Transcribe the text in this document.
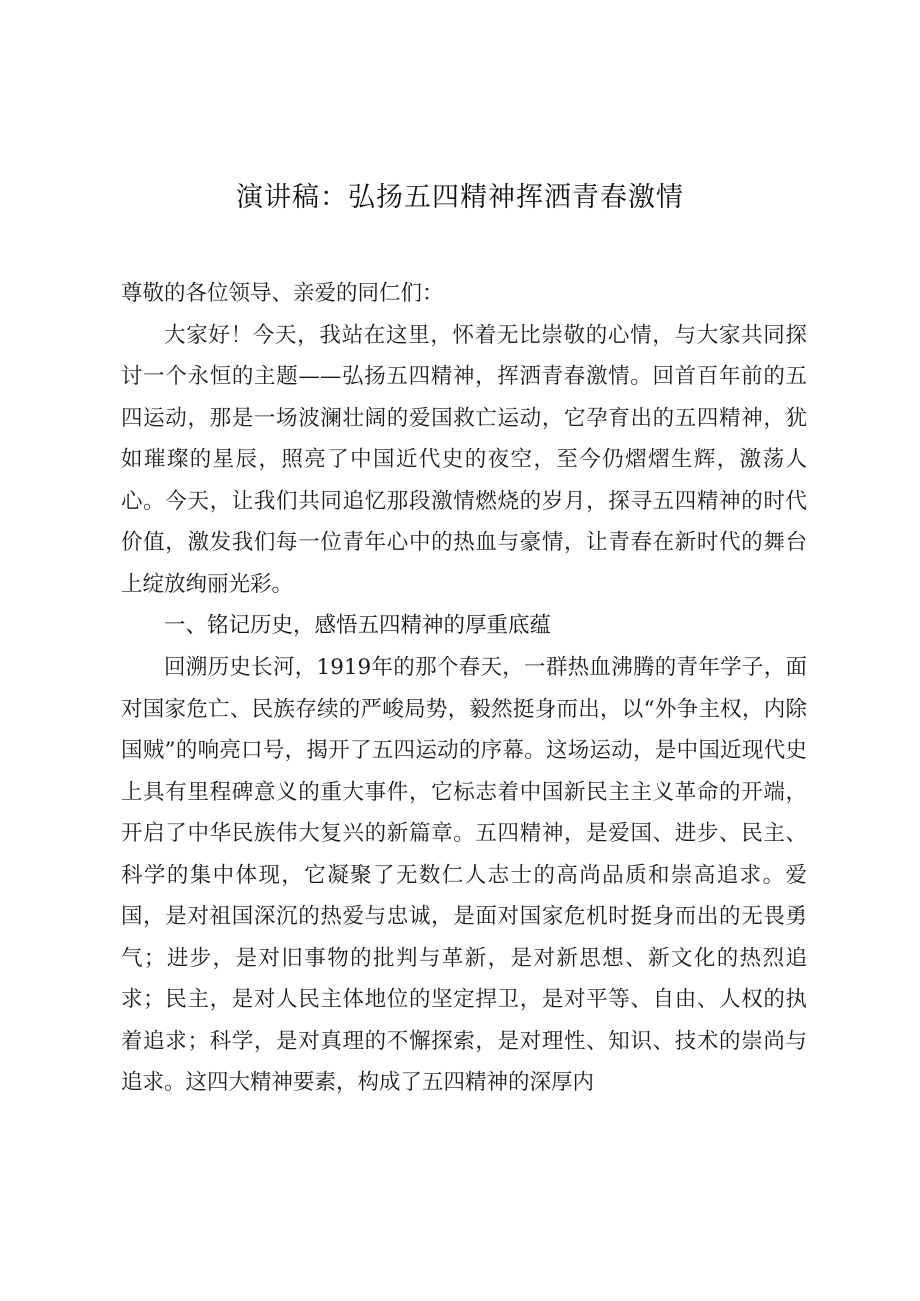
演讲稿：弘扬五四精神挥洒青春激情

尊敬的各位领导、亲爱的同仁们：

大家好！今天，我站在这里，怀着无比崇敬的心情，与大家共同探讨一个永恒的主题——弘扬五四精神，挥洒青春激情。回首百年前的五四运动，那是一场波澜壮阔的爱国救亡运动，它孕育出的五四精神，犹如璀璨的星辰，照亮了中国近代史的夜空，至今仍熠熠生辉，激荡人心。今天，让我们共同追忆那段激情燃烧的岁月，探寻五四精神的时代价值，激发我们每一位青年心中的热血与豪情，让青春在新时代的舞台上绽放绚丽光彩。

一、铭记历史，感悟五四精神的厚重底蕴

回溯历史长河，1919年的那个春天，一群热血沸腾的青年学子，面对国家危亡、民族存续的严峻局势，毅然挺身而出，以“外争主权，内除国贼”的响亮口号，揭开了五四运动的序幕。这场运动，是中国近现代史上具有里程碑意义的重大事件，它标志着中国新民主主义革命的开端，开启了中华民族伟大复兴的新篇章。五四精神，是爱国、进步、民主、科学的集中体现，它凝聚了无数仁人志士的高尚品质和崇高追求。爱国，是对祖国深沉的热爱与忠诚，是面对国家危机时挺身而出的无畏勇气；进步，是对旧事物的批判与革新，是对新思想、新文化的热烈追求；民主，是对人民主体地位的坚定捍卫，是对平等、自由、人权的执着追求；科学，是对真理的不懈探索，是对理性、知识、技术的崇尚与追求。这四大精神要素，构成了五四精神的深厚内
